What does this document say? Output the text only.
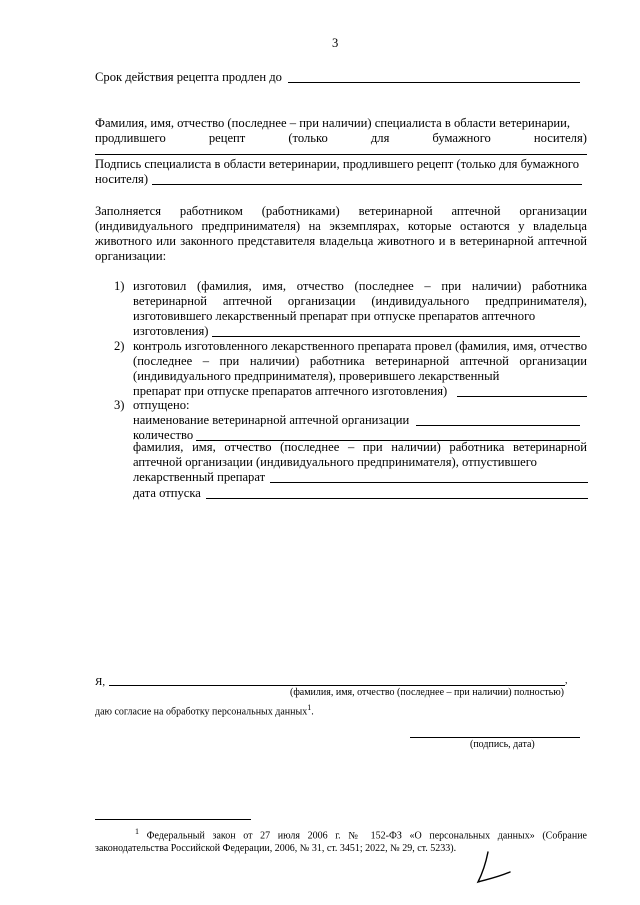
3
Срок действия рецепта продлен до
Фамилия, имя, отчество (последнее – при наличии) специалиста в области ветеринарии,
продлившего	рецепт	(только	для	бумажного	носителя)
Подпись специалиста в области ветеринарии, продлившего рецепт (только для бумажного
носителя)
Заполняется работником (работниками) ветеринарной аптечной организации (индивидуального предпринимателя) на экземплярах, которые остаются у владельца животного или законного представителя владельца животного и в ветеринарной аптечной организации:
1) изготовил (фамилия, имя, отчество (последнее – при наличии) работника ветеринарной аптечной организации (индивидуального предпринимателя), изготовившего лекарственный препарат при отпуске препаратов аптечного
изготовления)
2) контроль изготовленного лекарственного препарата провел (фамилия, имя, отчество (последнее – при наличии) работника ветеринарной аптечной организации (индивидуального предпринимателя), проверившего лекарственный
препарат при отпуске препаратов аптечного изготовления)
3) отпущено:
наименование ветеринарной аптечной организации
количество
фамилия, имя, отчество (последнее – при наличии) работника ветеринарной аптечной организации (индивидуального предпринимателя), отпустившего
лекарственный препарат
дата отпуска
Я,	,
(фамилия, имя, отчество (последнее – при наличии) полностью)
даю согласие на обработку персональных данных$^1$.
(подпись, дата)
$^1$ Федеральный закон от 27 июля 2006 г. № 152-ФЗ «О персональных данных» (Собрание законодательства Российской Федерации, 2006, № 31, ст. 3451; 2022, № 29, ст. 5233).
